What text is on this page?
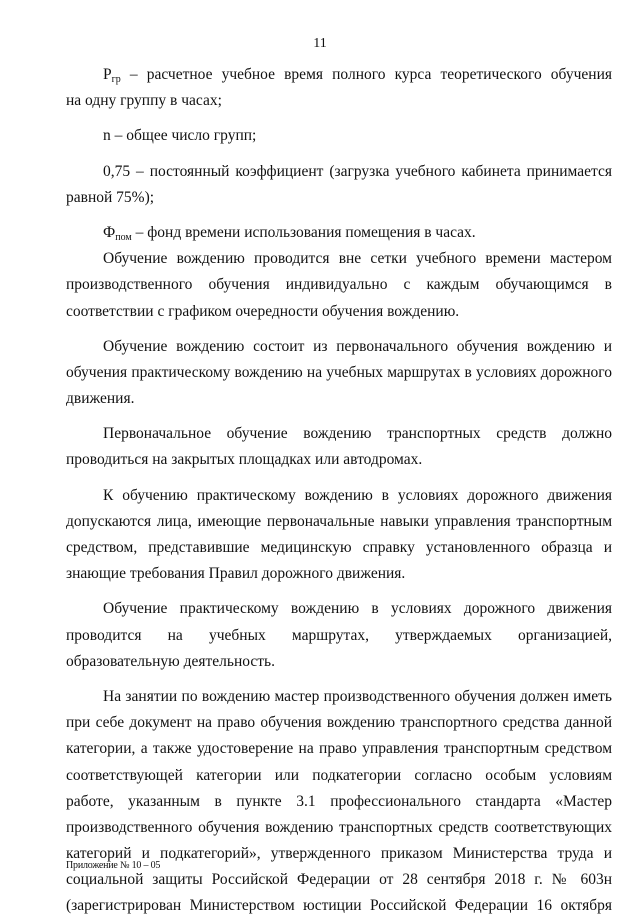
11
$P_{гр}$ – расчетное учебное время полного курса теоретического обучения
на одну группу в часах;
n – общее число групп;
0,75 – постоянный коэффициент (загрузка учебного кабинета принимается
равной 75%);
$Ф_{пом}$ – фонд времени использования помещения в часах.
Обучение вождению проводится вне сетки учебного времени мастером
производственного обучения индивидуально с каждым обучающимся в
соответствии с графиком очередности обучения вождению.
Обучение вождению состоит из первоначального обучения вождению и
обучения практическому вождению на учебных маршрутах в условиях дорожного
движения.
Первоначальное обучение вождению транспортных средств должно
проводиться на закрытых площадках или автодромах.
К обучению практическому вождению в условиях дорожного движения
допускаются лица, имеющие первоначальные навыки управления транспортным
средством, представившие медицинскую справку установленного образца и
знающие требования Правил дорожного движения.
Обучение практическому вождению в условиях дорожного движения
проводится на учебных маршрутах, утверждаемых организацией,
образовательную деятельность.
На занятии по вождению мастер производственного обучения должен иметь
при себе документ на право обучения вождению транспортного средства данной
категории, а также удостоверение на право управления транспортным средством
соответствующей категории или подкатегории согласно особым условиям
работе, указанным в пункте 3.1 профессионального стандарта «Мастер
производственного обучения вождению транспортных средств соответствующих
категорий и подкатегорий», утвержденного приказом Министерства труда и
социальной защиты Российской Федерации от 28 сентября 2018 г. № 603н
(зарегистрирован Министерством юстиции Российской Федерации 16 октября
Приложение № 10 – 05
